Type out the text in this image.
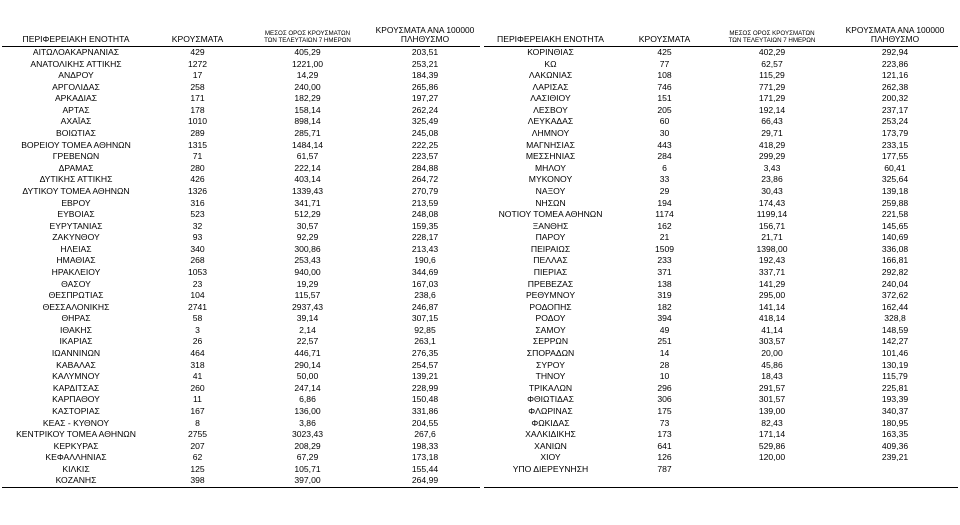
ΠΕΡΙΦΕΡΕΙΑΚΗ ΕΝΟΤΗΤΑ	ΚΡΟΥΣΜΑΤΑ	ΜΕΣΟΣ ΟΡΟΣ ΚΡΟΥΣΜΑΤΩΝ
ΤΩΝ ΤΕΛΕΥΤΑΙΩΝ 7 ΗΜΕΡΩΝ	ΚΡΟΥΣΜΑΤΑ ΑΝΑ 100000
ΠΛΗΘΥΣΜΟ
ΑΙΤΩΛΟΑΚΑΡΝΑΝΙΑΣ	429	405,29	203,51
ΑΝΑΤΟΛΙΚΗΣ ΑΤΤΙΚΗΣ	1272	1221,00	253,21
ΑΝΔΡΟΥ	17	14,29	184,39
ΑΡΓΟΛΙΔΑΣ	258	240,00	265,86
ΑΡΚΑΔΙΑΣ	171	182,29	197,27
ΑΡΤΑΣ	178	158,14	262,24
ΑΧΑΪΑΣ	1010	898,14	325,49
ΒΟΙΩΤΙΑΣ	289	285,71	245,08
ΒΟΡΕΙΟΥ ΤΟΜΕΑ ΑΘΗΝΩΝ	1315	1484,14	222,25
ΓΡΕΒΕΝΩΝ	71	61,57	223,57
ΔΡΑΜΑΣ	280	222,14	284,88
ΔΥΤΙΚΗΣ ΑΤΤΙΚΗΣ	426	403,14	264,72
ΔΥΤΙΚΟΥ ΤΟΜΕΑ ΑΘΗΝΩΝ	1326	1339,43	270,79
ΕΒΡΟΥ	316	341,71	213,59
ΕΥΒΟΙΑΣ	523	512,29	248,08
ΕΥΡΥΤΑΝΙΑΣ	32	30,57	159,35
ΖΑΚΥΝΘΟΥ	93	92,29	228,17
ΗΛΕΙΑΣ	340	300,86	213,43
ΗΜΑΘΙΑΣ	268	253,43	190,6
ΗΡΑΚΛΕΙΟΥ	1053	940,00	344,69
ΘΑΣΟΥ	23	19,29	167,03
ΘΕΣΠΡΩΤΙΑΣ	104	115,57	238,6
ΘΕΣΣΑΛΟΝΙΚΗΣ	2741	2937,43	246,87
ΘΗΡΑΣ	58	39,14	307,15
ΙΘΑΚΗΣ	3	2,14	92,85
ΙΚΑΡΙΑΣ	26	22,57	263,1
ΙΩΑΝΝΙΝΩΝ	464	446,71	276,35
ΚΑΒΑΛΑΣ	318	290,14	254,57
ΚΑΛΥΜΝΟΥ	41	50,00	139,21
ΚΑΡΔΙΤΣΑΣ	260	247,14	228,99
ΚΑΡΠΑΘΟΥ	11	6,86	150,48
ΚΑΣΤΟΡΙΑΣ	167	136,00	331,86
ΚΕΑΣ - ΚΥΘΝΟΥ	8	3,86	204,55
ΚΕΝΤΡΙΚΟΥ ΤΟΜΕΑ ΑΘΗΝΩΝ	2755	3023,43	267,6
ΚΕΡΚΥΡΑΣ	207	208,29	198,33
ΚΕΦΑΛΛΗΝΙΑΣ	62	67,29	173,18
ΚΙΛΚΙΣ	125	105,71	155,44
ΚΟΖΑΝΗΣ	398	397,00	264,99
ΠΕΡΙΦΕΡΕΙΑΚΗ ΕΝΟΤΗΤΑ	ΚΡΟΥΣΜΑΤΑ	ΜΕΣΟΣ ΟΡΟΣ ΚΡΟΥΣΜΑΤΩΝ
ΤΩΝ ΤΕΛΕΥΤΑΙΩΝ 7 ΗΜΕΡΩΝ	ΚΡΟΥΣΜΑΤΑ ΑΝΑ 100000
ΠΛΗΘΥΣΜΟ
ΚΟΡΙΝΘΙΑΣ	425	402,29	292,94
ΚΩ	77	62,57	223,86
ΛΑΚΩΝΙΑΣ	108	115,29	121,16
ΛΑΡΙΣΑΣ	746	771,29	262,38
ΛΑΣΙΘΙΟΥ	151	171,29	200,32
ΛΕΣΒΟΥ	205	192,14	237,17
ΛΕΥΚΑΔΑΣ	60	66,43	253,24
ΛΗΜΝΟΥ	30	29,71	173,79
ΜΑΓΝΗΣΙΑΣ	443	418,29	233,15
ΜΕΣΣΗΝΙΑΣ	284	299,29	177,55
ΜΗΛΟΥ	6	3,43	60,41
ΜΥΚΟΝΟΥ	33	23,86	325,64
ΝΑΞΟΥ	29	30,43	139,18
ΝΗΣΩΝ	194	174,43	259,88
ΝΟΤΙΟΥ ΤΟΜΕΑ ΑΘΗΝΩΝ	1174	1199,14	221,58
ΞΑΝΘΗΣ	162	156,71	145,65
ΠΑΡΟΥ	21	21,71	140,69
ΠΕΙΡΑΙΩΣ	1509	1398,00	336,08
ΠΕΛΛΑΣ	233	192,43	166,81
ΠΙΕΡΙΑΣ	371	337,71	292,82
ΠΡΕΒΕΖΑΣ	138	141,29	240,04
ΡΕΘΥΜΝΟΥ	319	295,00	372,62
ΡΟΔΟΠΗΣ	182	141,14	162,44
ΡΟΔΟΥ	394	418,14	328,8
ΣΑΜΟΥ	49	41,14	148,59
ΣΕΡΡΩΝ	251	303,57	142,27
ΣΠΟΡΑΔΩΝ	14	20,00	101,46
ΣΥΡΟΥ	28	45,86	130,19
ΤΗΝΟΥ	10	18,43	115,79
ΤΡΙΚΑΛΩΝ	296	291,57	225,81
ΦΘΙΩΤΙΔΑΣ	306	301,57	193,39
ΦΛΩΡΙΝΑΣ	175	139,00	340,37
ΦΩΚΙΔΑΣ	73	82,43	180,95
ΧΑΛΚΙΔΙΚΗΣ	173	171,14	163,35
ΧΑΝΙΩΝ	641	529,86	409,36
ΧΙΟΥ	126	120,00	239,21
ΥΠΟ ΔΙΕΡΕΥΝΗΣΗ	787		
